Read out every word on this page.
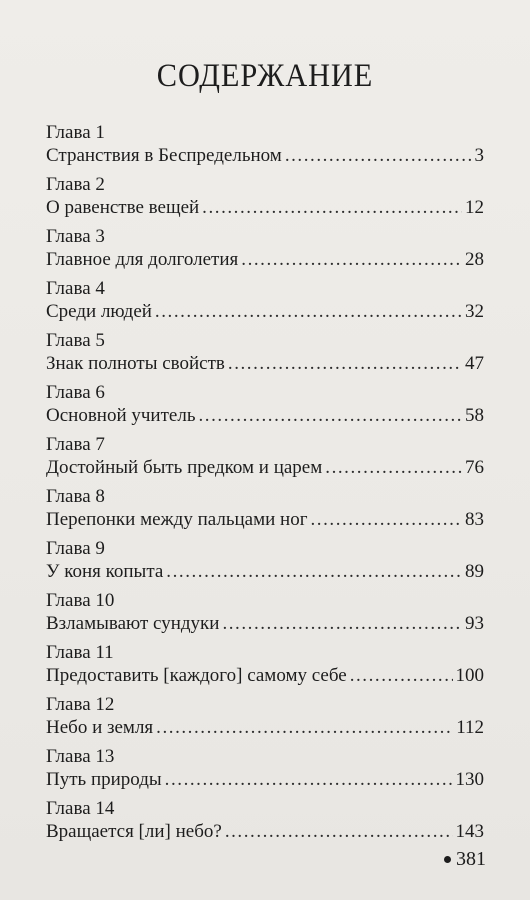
СОДЕРЖАНИЕ
Глава 1
Странствия в Беспредельном . . .	3
Глава 2
О равенстве вещей . . .	12
Глава 3
Главное для долголетия . . .	28
Глава 4
Среди людей . . .	32
Глава 5
Знак полноты свойств . . .	47
Глава 6
Основной учитель . . .	58
Глава 7
Достойный быть предком и царем . . .	76
Глава 8
Перепонки между пальцами ног . . .	83
Глава 9
У коня копыта . . .	89
Глава 10
Взламывают сундуки . . .	93
Глава 11
Предоставить [каждого] самому себе . . .	100
Глава 12
Небо и земля . . .	112
Глава 13
Путь природы . . .	130
Глава 14
Вращается [ли] небо? . . .	143
381
